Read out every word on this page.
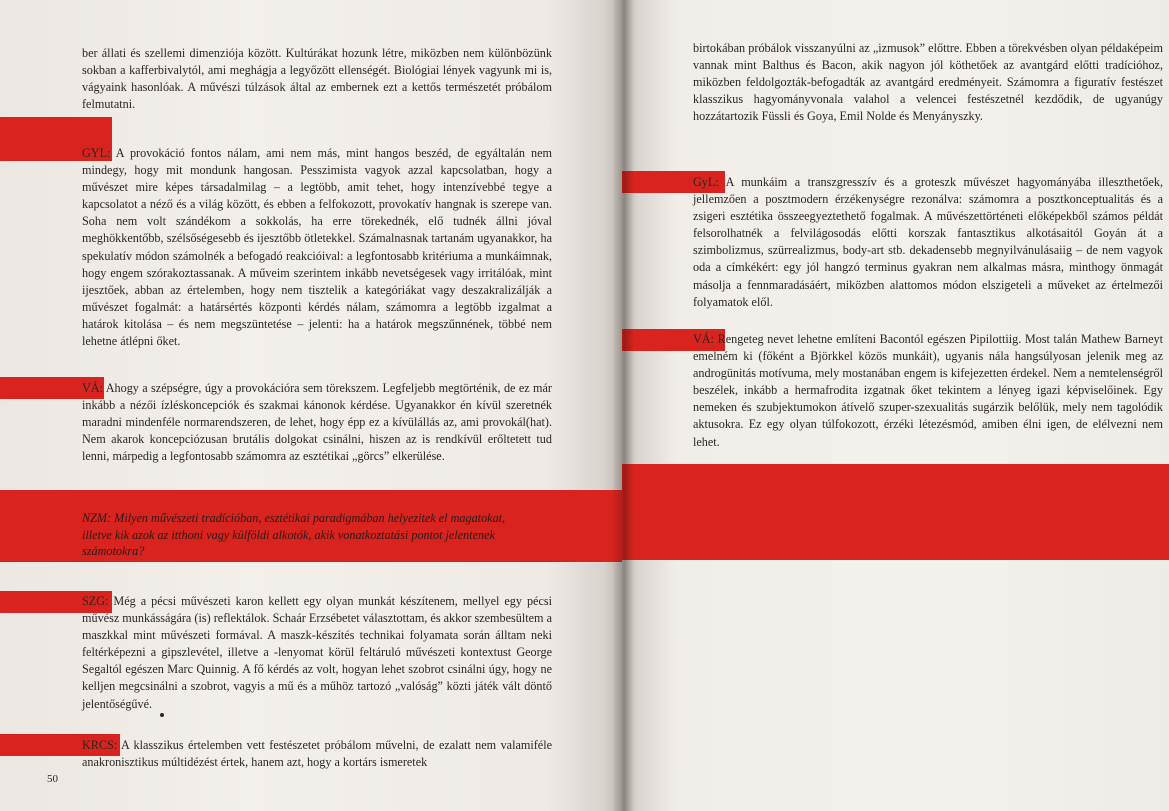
ber állati és szellemi dimenziója között. Kultúrákat hozunk létre, miközben nem különbözünk sokban a kafferbivalytól, ami meghágja a legyőzött ellenségét. Biológiai lények vagyunk mi is, vágyaink hasonlóak. A művészi túlzások által az embernek ezt a kettős természetét próbálom felmutatni.

GYL: A provokáció fontos nálam, ami nem más, mint hangos beszéd, de egyáltalán nem mindegy, hogy mit mondunk hangosan. Pesszimista vagyok azzal kapcsolatban, hogy a művészet mire képes társadalmilag – a legtöbb, amit tehet, hogy intenzívebbé tegye a kapcsolatot a néző és a világ között, és ebben a felfokozott, provokatív hangnak is szerepe van. Soha nem volt szándékom a sokkolás, ha erre törekednék, elő tudnék állni jóval meghökkentőbb, szélsőségesebb és ijesztőbb ötletekkel. Számalnasnak tartanám ugyanakkor, ha spekulatív módon számolnék a befogadó reakcióival: a legfontosabb kritériuma a munkáimnak, hogy engem szórakoztassanak. A műveim szerintem inkább nevetségesek vagy irritálóak, mint ijesztőek, abban az értelemben, hogy nem tisztelik a kategóriákat vagy deszakralizálják a művészet fogalmát: a határsértés központi kérdés nálam, számomra a legtöbb izgalmat a határok kitolása – és nem megszüntetése – jelenti: ha a határok megszűnnének, többé nem lehetne átlépni őket.

VÁ: Ahogy a szépségre, úgy a provokációra sem törekszem. Legfeljebb megtörténik, de ez már inkább a nézői ízléskoncepciók és szakmai kánonok kérdése. Ugyanakkor én kívül szeretnék maradni mindenféle normarendszeren, de lehet, hogy épp ez a kívülállás az, ami provokál(hat). Nem akarok koncepciózusan brutális dolgokat csinálni, hiszen az is rendkívül erőltetett tud lenni, márpedig a legfontosabb számomra az esztétikai „görcs” elkerülése.

NZM: Milyen művészeti tradícióban, esztétikai paradigmában helyezitek el magatokat, illetve kik azok az itthoni vagy külföldi alkotók, akik vonatkoztatási pontot jelentenek számotokra?

SZG: Még a pécsi művészeti karon kellett egy olyan munkát készítenem, mellyel egy pécsi művész munkásságára (is) reflektálok. Schaár Erzsébetet választottam, és akkor szembesültem a maszkkal mint művészeti formával. A maszk-készítés technikai folyamata során álltam neki feltérképezni a gipszlevétel, illetve a -lenyomat körül feltáruló művészeti kontextust George Segaltól egészen Marc Quinnig. A fő kérdés az volt, hogyan lehet szobrot csinálni úgy, hogy ne kelljen megcsinálni a szobrot, vagyis a mű és a műhöz tartozó „valóság” közti játék vált döntő jelentőségűvé.

KRCS: A klasszikus értelemben vett festészetet próbálom művelni, de ezalatt nem valamiféle anakronisztikus múltidézést értek, hanem azt, hogy a kortárs ismeretek

50

birtokában próbálok visszanyúlni az „izmusok” előttre. Ebben a törekvésben olyan példaképeim vannak mint Balthus és Bacon, akik nagyon jól köthetőek az avantgárd előtti tradícióhoz, miközben feldolgozták-befogadták az avantgárd eredményeit. Számomra a figuratív festészet klasszikus hagyományvonala valahol a velencei festészetnél kezdődik, de ugyanúgy hozzátartozik Füssli és Goya, Emil Nolde és Menyányszky.

GyL: A munkáim a transzgresszív és a groteszk művészet hagyományába illeszthetőek, jellemzően a posztmodern érzékenységre rezonálva: számomra a posztkonceptualitás és a zsigeri esztétika összeegyeztethető fogalmak. A művészettörténeti előképekből számos példát felsorolhatnék a felvilágosodás előtti korszak fantasztikus alkotásaitól Goyán át a szimbolizmus, szürrealizmus, body-art stb. dekadensebb megnyilvánulásaiig – de nem vagyok oda a címkékért: egy jól hangzó terminus gyakran nem alkalmas másra, minthogy önmagát másolja a fennmaradásáért, miközben alattomos módon elszigeteli a műveket az értelmezői folyamatok elől.

VÁ: Rengeteg nevet lehetne említeni Bacontól egészen Pipilottiig. Most talán Mathew Barneyt emelném ki (főként a Björkkel közös munkáit), ugyanis nála hangsúlyosan jelenik meg az androgünitás motívuma, mely mostanában engem is kifejezetten érdekel. Nem a nemtelenségről beszélek, inkább a hermafrodita izgatnak őket tekintem a lényeg igazi képviselőinek. Egy nemeken és szubjektumokon átívelő szuper-szexualitás sugárzik belőlük, mely nem tagolódik aktusokra. Ez egy olyan túlfokozott, érzéki létezésmód, amiben élni igen, de elélvezni nem lehet.
